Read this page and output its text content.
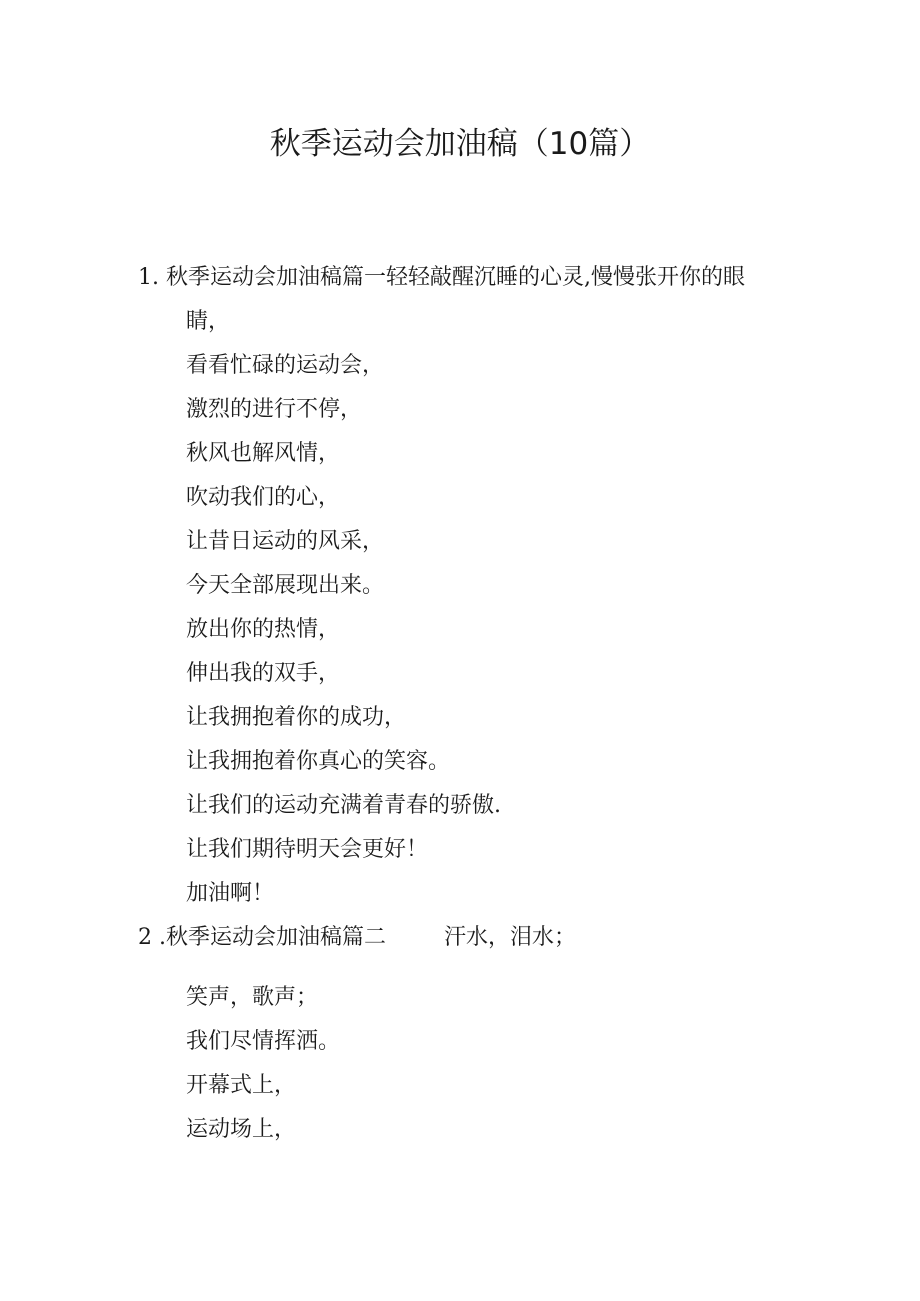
秋季运动会加油稿（10篇）
1. 秋季运动会加油稿篇一轻轻敲醒沉睡的心灵,慢慢张开你的眼
睛，
看看忙碌的运动会，
激烈的进行不停，
秋风也解风情，
吹动我们的心，
让昔日运动的风采，
今天全部展现出来。
放出你的热情，
伸出我的双手，
让我拥抱着你的成功，
让我拥抱着你真心的笑容。
让我们的运动充满着青春的骄傲.
让我们期待明天会更好！
加油啊！
2 .秋季运动会加油稿篇二	汗水，泪水；
笑声，歌声；
我们尽情挥洒。
开幕式上，
运动场上，
